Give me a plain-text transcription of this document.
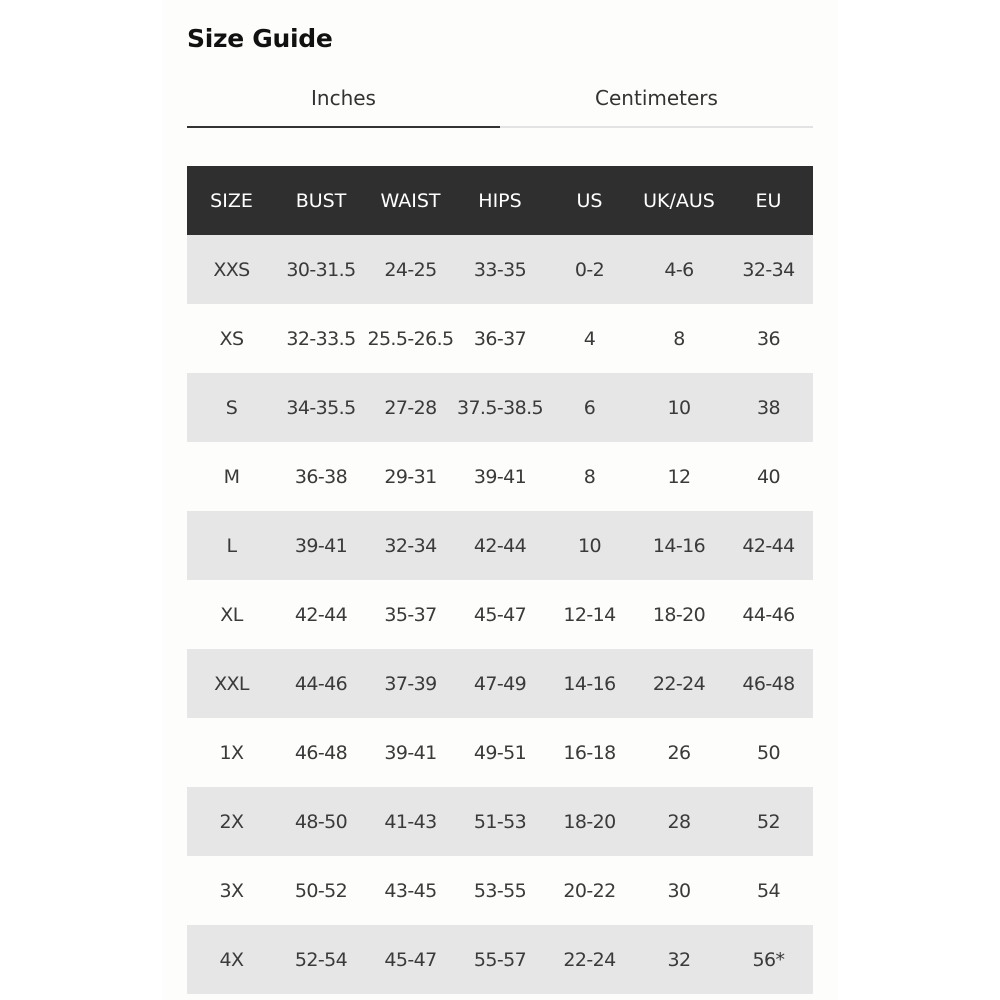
Size Guide
Inches	Centimeters
SIZE	BUST	WAIST	HIPS	US	UK/AUS	EU
XXS	30-31.5	24-25	33-35	0-2	4-6	32-34
XS	32-33.5	25.5-26.5	36-37	4	8	36
S	34-35.5	27-28	37.5-38.5	6	10	38
M	36-38	29-31	39-41	8	12	40
L	39-41	32-34	42-44	10	14-16	42-44
XL	42-44	35-37	45-47	12-14	18-20	44-46
XXL	44-46	37-39	47-49	14-16	22-24	46-48
1X	46-48	39-41	49-51	16-18	26	50
2X	48-50	41-43	51-53	18-20	28	52
3X	50-52	43-45	53-55	20-22	30	54
4X	52-54	45-47	55-57	22-24	32	56*
